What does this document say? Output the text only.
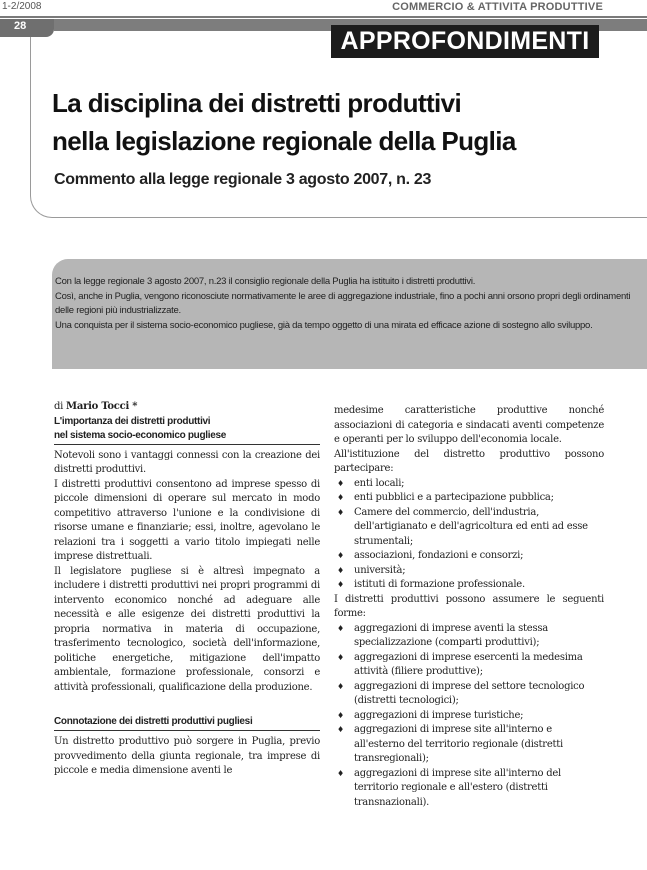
1-2/2008	COMMERCIO & ATTIVITA PRODUTTIVE
28
APPROFONDIMENTI
La disciplina dei distretti produttivi
nella legislazione regionale della Puglia

Commento alla legge regionale 3 agosto 2007, n. 23

Con la legge regionale 3 agosto 2007, n.23 il consiglio regionale della Puglia ha istituito i distretti produttivi.

Così, anche in Puglia, vengono riconosciute normativamente le aree di aggregazione industriale, fino a pochi anni orsono propri degli ordinamenti delle regioni più industrializzate.

Una conquista per il sistema socio-economico pugliese, già da tempo oggetto di una mirata ed efficace azione di sostegno allo sviluppo.

di Mario Tocci *

L'importanza dei distretti produttivi
nel sistema socio-economico pugliese

Notevoli sono i vantaggi connessi con la creazione dei distretti produttivi.

I distretti produttivi consentono ad imprese spesso di piccole dimensioni di operare sul mercato in modo competitivo attraverso l'unione e la condivisione di risorse umane e finanziarie; essi, inoltre, agevolano le relazioni tra i soggetti a vario titolo impiegati nelle imprese distrettuali.

Il legislatore pugliese si è altresì impegnato a includere i distretti produttivi nei propri programmi di intervento economico nonché ad adeguare alle necessità e alle esigenze dei distretti produttivi la propria normativa in materia di occupazione, trasferimento tecnologico, società dell'informazione, politiche energetiche, mitigazione dell'impatto ambientale, formazione professionale, consorzi e attività professionali, qualificazione della produzione.

Connotazione dei distretti produttivi pugliesi

Un distretto produttivo può sorgere in Puglia, previo provvedimento della giunta regionale, tra imprese di piccole e media dimensione aventi le

medesime caratteristiche produttive nonché associazioni di categoria e sindacati aventi competenze e operanti per lo sviluppo dell'economia locale.

All'istituzione del distretto produttivo possono partecipare:

♦ enti locali;
♦ enti pubblici e a partecipazione pubblica;
♦ Camere del commercio, dell'industria, dell'artigianato e dell'agricoltura ed enti ad esse strumentali;
♦ associazioni, fondazioni e consorzi;
♦ università;
♦ istituti di formazione professionale.

I distretti produttivi possono assumere le seguenti forme:

♦ aggregazioni di imprese aventi la stessa specializzazione (comparti produttivi);
♦ aggregazioni di imprese esercenti la medesima attività (filiere produttive);
♦ aggregazioni di imprese del settore tecnologico (distretti tecnologici);
♦ aggregazioni di imprese turistiche;
♦ aggregazioni di imprese site all'interno e all'esterno del territorio regionale (distretti transregionali);
♦ aggregazioni di imprese site all'interno del territorio regionale e all'estero (distretti transnazionali).
